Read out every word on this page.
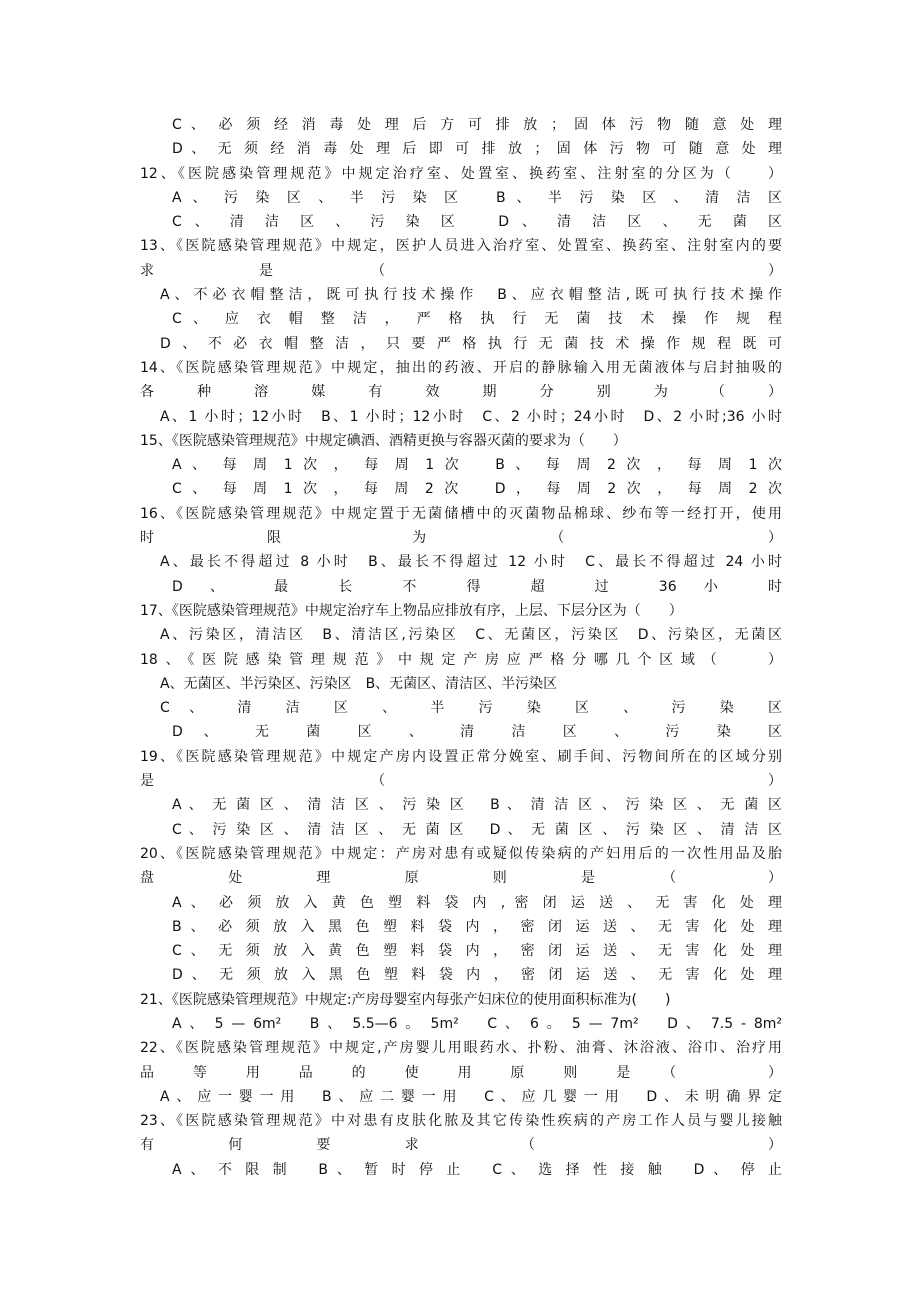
C 、 必 须 经 消 毒 处 理 后 方 可 排 放 ； 固 体 污 物 随 意 处 理
D 、 无 须 经 消 毒 处 理 后 即 可 排 放 ； 固 体 污 物 可 随 意 处 理
12、《医院感染管理规范》中规定治疗室、处置室、换药室、注射室的分区为（　　）
A 、 污 染 区 、 半 污 染 区　 B 、 半 污 染 区 、 清 洁 区
C 、 清 洁 区 、 污 染 区　 D 、 清 洁 区 、 无 菌 区
13、《医院感染管理规范》中规定，医护人员进入治疗室、处置室、换药室、注射室内的要
求　　　　　是　　　　　（　　　　　　　　　　　　　　　　　　　）
A、不必衣帽整洁，既可执行技术操作　B、应衣帽整洁,既可执行技术操作
C 、 应 衣 帽 整 洁 ， 严 格 执 行 无 菌 技 术 操 作 规 程
D、不必衣帽整洁，只要严格执行无菌技术操作规程既可
14、《医院感染管理规范》中规定，抽出的药液、开启的静脉输入用无菌液体与启封抽吸的
各 种 溶 媒 有 效 期 分 别 为 （ ）
A、1 小时；12小时　B、1 小时；12小时　C、2 小时；24小时　D、2 小时;36 小时
15、《医院感染管理规范》中规定碘酒、酒精更换与容器灭菌的要求为（　　）
A 、 每 周 1 次 ， 每 周 1 次　 B 、 每 周 2 次 ， 每 周 1 次
C 、 每 周 1 次 ， 每 周 2 次　 D ， 每 周 2 次 ， 每 周 2 次
16、《医院感染管理规范》中规定置于无菌储槽中的灭菌物品棉球、纱布等一经打开，使用
时　　　　　　限　　　　　　　为　　　　　　　（　　　　　　　　　　　）
A、最长不得超过 8 小时　B、最长不得超过 12 小时　C、最长不得超过 24 小时
D 、 最 长 不 得 超 过 36 小 时
17、《医院感染管理规范》中规定治疗车上物品应排放有序，上层、下层分区为（　　）
A、污染区，清洁区　B、清洁区,污染区　C、无菌区，污染区　D、污染区，无菌区
18、《医院感染管理规范》中规定产房应严格分哪几个区域（　　）
A、无菌区、半污染区、污染区　B、无菌区、清洁区、半污染区
C 、 清 洁 区 、 半 污 染 区 、 污 染 区
D 、 无 菌 区 、 清 洁 区 、 污 染 区
19、《医院感染管理规范》中规定产房内设置正常分娩室、刷手间、污物间所在的区域分别
是　　　　　　　　　　　（　　　　　　　　　　　　　　　　　　　）
A 、 无 菌 区 、 清 洁 区 、 污 染 区　 B 、 清 洁 区 、 污 染 区 、 无 菌 区
C 、 污 染 区 、 清 洁 区 、 无 菌 区　 D 、 无 菌 区 、 污 染 区 、 清 洁 区
20、《医院感染管理规范》中规定：产房对患有或疑似传染病的产妇用后的一次性用品及胎
盘　　　　处　　　　理　　　　原　　　　则　　　　是　　　　（　　　　　）
A 、 必 须 放 入 黄 色 塑 料 袋 内 , 密 闭 运 送 、 无 害 化 处 理
B 、 必 须 放 入 黑 色 塑 料 袋 内 ， 密 闭 运 送 、 无 害 化 处 理
C 、 无 须 放 入 黄 色 塑 料 袋 内 ， 密 闭 运 送 、 无 害 化 处 理
D 、 无 须 放 入 黑 色 塑 料 袋 内 ， 密 闭 运 送 、 无 害 化 处 理
21、《医院感染管理规范》中规定:产房母婴室内每张产妇床位的使用面积标准为(　　)
A 、 5 — 6m²　 B 、 5.5—6 。 5m²　 C 、 6 。 5 — 7m²　 D 、 7.5 - 8m²
22、《医院感染管理规范》中规定,产房婴儿用眼药水、扑粉、油膏、沐浴液、浴巾、治疗用
品　　等　　用　　品　　的　　使　　用　　原　　则　　是　　（　　　　　）
A、应一婴一用　B、应二婴一用　C、应几婴一用　D、未明确界定
23、《医院感染管理规范》中对患有皮肤化脓及其它传染性疾病的产房工作人员与婴儿接触
有　　　　何　　　　要　　　　求　　　　　　（　　　　　　　　　　　　　）
A 、 不 限 制　 B 、 暂 时 停 止　 C 、 选 择 性 接 触　 D 、 停 止
